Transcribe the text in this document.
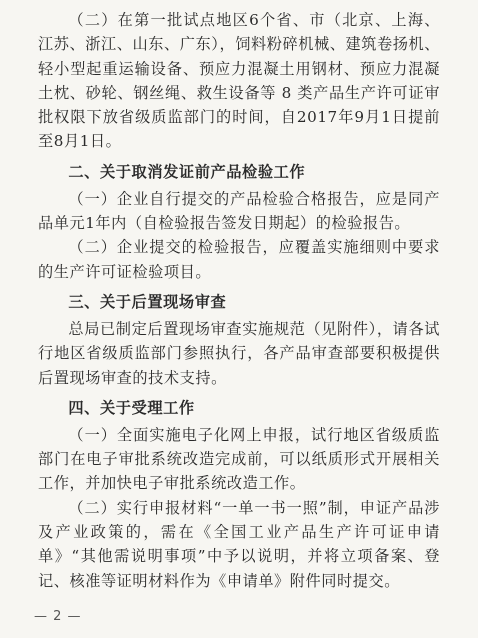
（二）在第一批试点地区6个省、市（北京、上海、江苏、浙江、山东、广东），饲料粉碎机械、建筑卷扬机、轻小型起重运输设备、预应力混凝土用钢材、预应力混凝土枕、砂轮、钢丝绳、救生设备等 8 类产品生产许可证审批权限下放省级质监部门的时间，自2017年9月1日提前至8月1日。

二、关于取消发证前产品检验工作

（一）企业自行提交的产品检验合格报告，应是同产品单元1年内（自检验报告签发日期起）的检验报告。

（二）企业提交的检验报告，应覆盖实施细则中要求的生产许可证检验项目。

三、关于后置现场审查

总局已制定后置现场审查实施规范（见附件），请各试行地区省级质监部门参照执行，各产品审查部要积极提供后置现场审查的技术支持。

四、关于受理工作

（一）全面实施电子化网上申报，试行地区省级质监部门在电子审批系统改造完成前，可以纸质形式开展相关工作，并加快电子审批系统改造工作。

（二）实行申报材料“一单一书一照”制，申证产品涉及产业政策的，需在《全国工业产品生产许可证申请单》“其他需说明事项”中予以说明，并将立项备案、登记、核准等证明材料作为《申请单》附件同时提交。

— 2 —
